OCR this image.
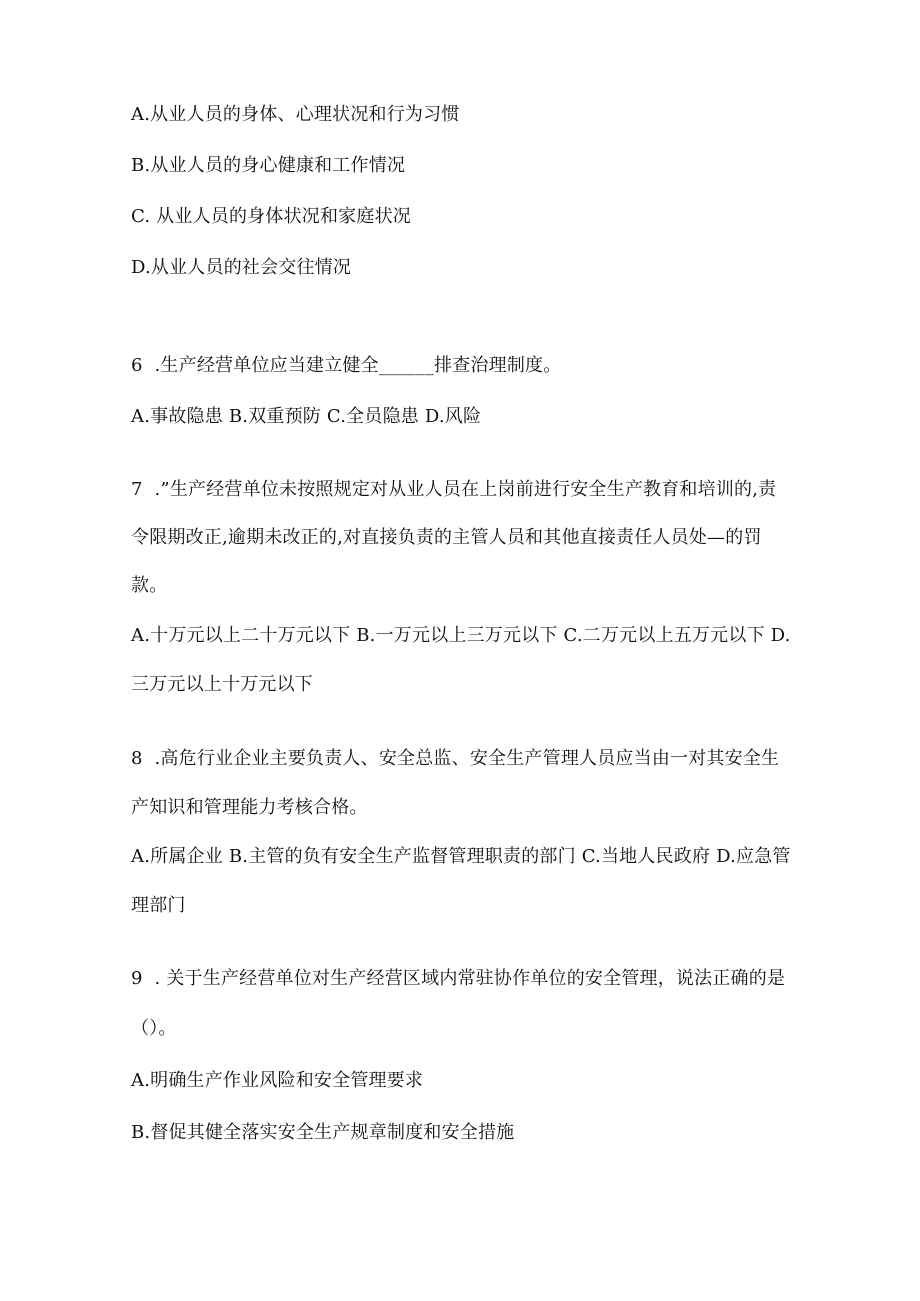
A.从业人员的身体、心理状况和行为习惯
B.从业人员的身心健康和工作情况
C. 从业人员的身体状况和家庭状况
D.从业人员的社会交往情况
6  .生产经营单位应当建立健全______排查治理制度。
A.事故隐患 B.双重预防 C.全员隐患 D.风险
7  .”生产经营单位未按照规定对从业人员在上岗前进行安全生产教育和培训的,责
令限期改正,逾期未改正的,对直接负责的主管人员和其他直接责任人员处—的罚
款。
A.十万元以上二十万元以下 B.一万元以上三万元以下 C.二万元以上五万元以下 D.
三万元以上十万元以下
8  .高危行业企业主要负责人、安全总监、安全生产管理人员应当由一对其安全生
产知识和管理能力考核合格。
A.所属企业 B.主管的负有安全生产监督管理职责的部门 C.当地人民政府 D.应急管
理部门
9  . 关于生产经营单位对生产经营区域内常驻协作单位的安全管理，说法正确的是
（）。
A.明确生产作业风险和安全管理要求
B.督促其健全落实安全生产规章制度和安全措施
